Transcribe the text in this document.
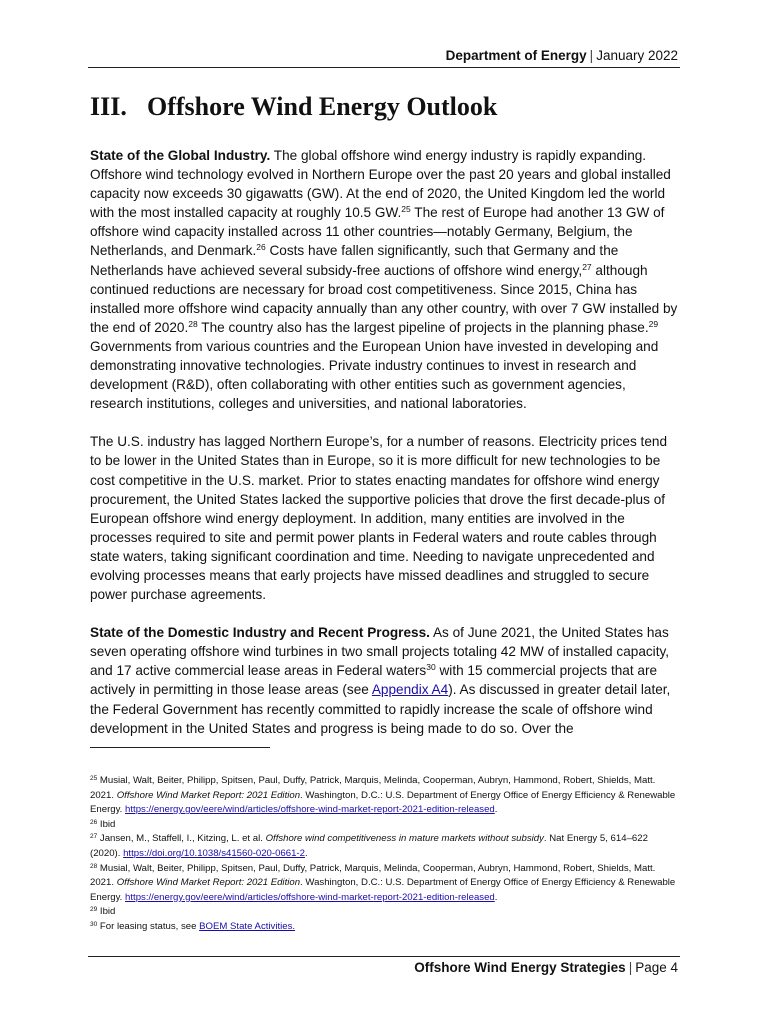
Department of Energy | January 2022
III. Offshore Wind Energy Outlook

State of the Global Industry. The global offshore wind energy industry is rapidly expanding. Offshore wind technology evolved in Northern Europe over the past 20 years and global installed capacity now exceeds 30 gigawatts (GW). At the end of 2020, the United Kingdom led the world with the most installed capacity at roughly 10.5 GW.$^{25}$ The rest of Europe had another 13 GW of offshore wind capacity installed across 11 other countries—notably Germany, Belgium, the Netherlands, and Denmark.$^{26}$ Costs have fallen significantly, such that Germany and the Netherlands have achieved several subsidy-free auctions of offshore wind energy,$^{27}$ although continued reductions are necessary for broad cost competitiveness. Since 2015, China has installed more offshore wind capacity annually than any other country, with over 7 GW installed by the end of 2020.28 The country also has the largest pipeline of projects in the planning phase.$^{29}$ Governments from various countries and the European Union have invested in developing and demonstrating innovative technologies. Private industry continues to invest in research and development (R&D), often collaborating with other entities such as government agencies, research institutions, colleges and universities, and national laboratories.

The U.S. industry has lagged Northern Europe’s, for a number of reasons. Electricity prices tend to be lower in the United States than in Europe, so it is more difficult for new technologies to be cost competitive in the U.S. market. Prior to states enacting mandates for offshore wind energy procurement, the United States lacked the supportive policies that drove the first decade-plus of European offshore wind energy deployment. In addition, many entities are involved in the processes required to site and permit power plants in Federal waters and route cables through state waters, taking significant coordination and time. Needing to navigate unprecedented and evolving processes means that early projects have missed deadlines and struggled to secure power purchase agreements.

State of the Domestic Industry and Recent Progress. As of June 2021, the United States has seven operating offshore wind turbines in two small projects totaling 42 MW of installed capacity, and 17 active commercial lease areas in Federal waters$^{30}$ with 15 commercial projects that are actively in permitting in those lease areas (see Appendix A4). As discussed in greater detail later, the Federal Government has recently committed to rapidly increase the scale of offshore wind development in the United States and progress is being made to do so. Over the

$^{25}$ Musial, Walt, Beiter, Philipp, Spitsen, Paul, Duffy, Patrick, Marquis, Melinda, Cooperman, Aubryn, Hammond, Robert, Shields, Matt. 2021. Offshore Wind Market Report: 2021 Edition. Washington, D.C.: U.S. Department of Energy Office of Energy Efficiency & Renewable Energy. https://energy.gov/eere/wind/articles/offshore-wind-market-report-2021-edition-released.

$^{26}$ Ibid

$^{27}$ Jansen, M., Staffell, I., Kitzing, L. et al. Offshore wind competitiveness in mature markets without subsidy. Nat Energy 5, 614–622 (2020). https://doi.org/10.1038/s41560-020-0661-2.

$^{28}$ Musial, Walt, Beiter, Philipp, Spitsen, Paul, Duffy, Patrick, Marquis, Melinda, Cooperman, Aubryn, Hammond, Robert, Shields, Matt. 2021. Offshore Wind Market Report: 2021 Edition. Washington, D.C.: U.S. Department of Energy Office of Energy Efficiency & Renewable Energy. https://energy.gov/eere/wind/articles/offshore-wind-market-report-2021-edition-released.

$^{29}$ Ibid

$^{30}$ For leasing status, see BOEM State Activities.

Offshore Wind Energy Strategies | Page 4
